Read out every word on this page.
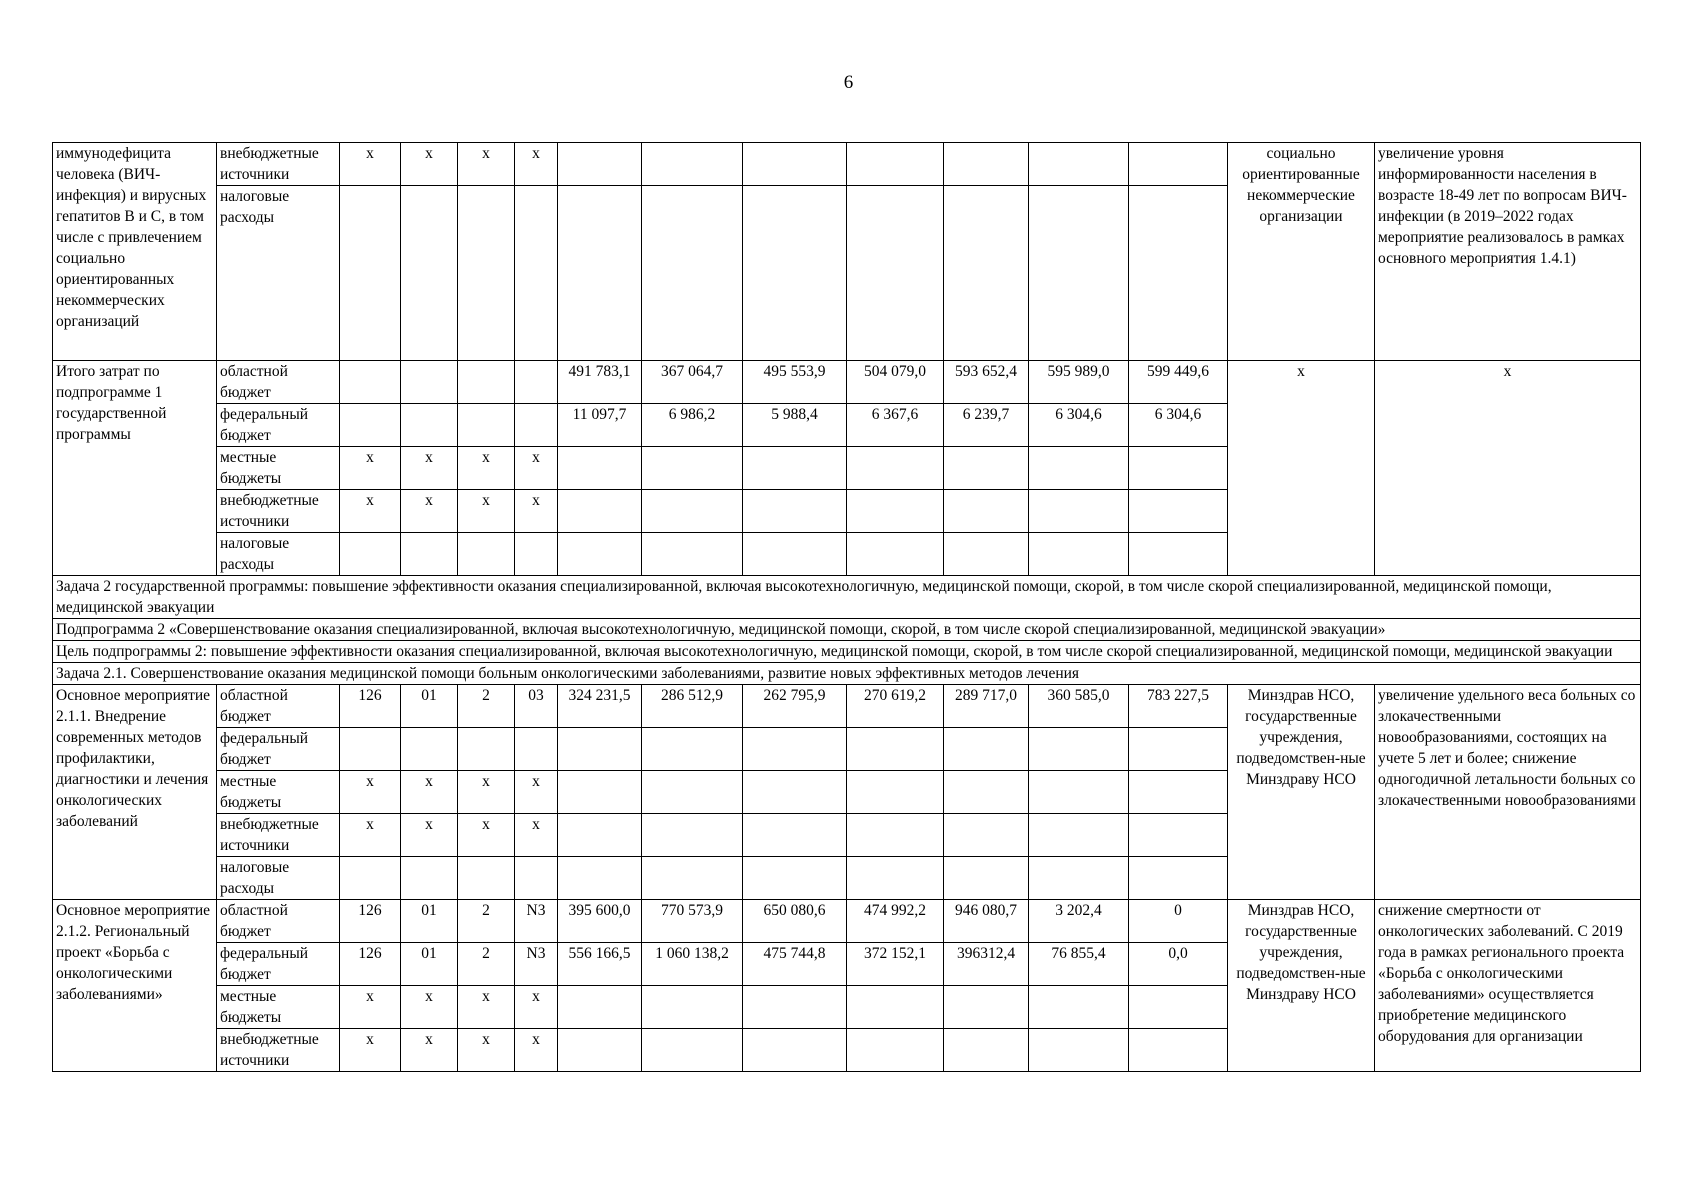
6
иммунодефицита человека (ВИЧ-инфекция) и вирусных гепатитов В и С, в том числе с привлечением социально ориентированных некоммерческих организаций	внебюджетные источники	х	х	х	х								социально ориентированные некоммерческие организации	увеличение уровня информированности населения в возрасте 18-49 лет по вопросам ВИЧ-инфекции (в 2019–2022 годах мероприятие реализовалось в рамках основного мероприятия 1.4.1)
	налоговые расходы													
Итого затрат по подпрограмме 1 государственной программы	областной бюджет					491 783,1	367 064,7	495 553,9	504 079,0	593 652,4	595 989,0	599 449,6	х	х
	федеральный бюджет					11 097,7	6 986,2	5 988,4	6 367,6	6 239,7	6 304,6	6 304,6		
	местные бюджеты	х	х	х	х									
	внебюджетные источники	х	х	х	х									
	налоговые расходы													
Задача 2 государственной программы: повышение эффективности оказания специализированной, включая высокотехнологичную, медицинской помощи, скорой, в том числе скорой специализированной, медицинской помощи, медицинской эвакуации														
Подпрограмма 2 «Совершенствование оказания специализированной, включая высокотехнологичную, медицинской помощи, скорой, в том числе скорой специализированной, медицинской эвакуации»														
Цель подпрограммы 2: повышение эффективности оказания специализированной, включая высокотехнологичную, медицинской помощи, скорой, в том числе скорой специализированной, медицинской помощи, медицинской эвакуации														
Задача 2.1. Совершенствование оказания медицинской помощи больным онкологическими заболеваниями, развитие новых эффективных методов лечения														
Основное мероприятие 2.1.1. Внедрение современных методов профилактики, диагностики и лечения онкологических заболеваний	областной бюджет	126	01	2	03	324 231,5	286 512,9	262 795,9	270 619,2	289 717,0	360 585,0	783 227,5	Минздрав НСО, государственные учреждения, подведомствен-ные Минздраву НСО	увеличение удельного веса больных со злокачественными новообразованиями, состоящих на учете 5 лет и более; снижение одногодичной летальности больных со злокачественными новообразованиями
	федеральный бюджет													
	местные бюджеты	х	х	х	х									
	внебюджетные источники	х	х	х	х									
	налоговые расходы													
Основное мероприятие 2.1.2. Региональный проект «Борьба с онкологическими заболеваниями»	областной бюджет	126	01	2	N3	395 600,0	770 573,9	650 080,6	474 992,2	946 080,7	3 202,4	0	Минздрав НСО, государственные учреждения, подведомствен-ные Минздраву НСО	снижение смертности от онкологических заболеваний. С 2019 года в рамках регионального проекта «Борьба с онкологическими заболеваниями» осуществляется приобретение медицинского оборудования для организации
	федеральный бюджет	126	01	2	N3	556 166,5	1 060 138,2	475 744,8	372 152,1	396312,4	76 855,4	0,0		
	местные бюджеты	х	х	х	х									
	внебюджетные источники	х	х	х	х									
